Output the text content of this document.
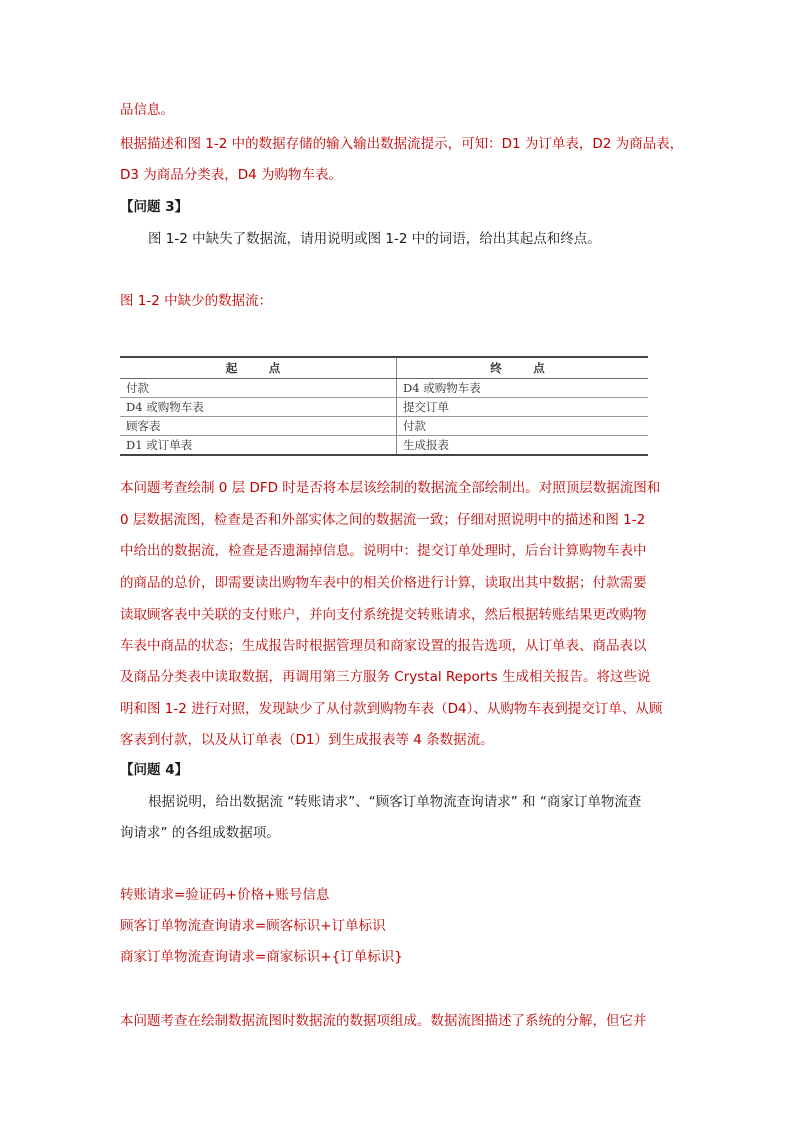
品信息。
根据描述和图 1-2 中的数据存储的输入输出数据流提示，可知：D1 为订单表，D2 为商品表，
D3 为商品分类表，D4 为购物车表。
【问题 3】
图 1-2 中缺失了数据流，请用说明或图 1-2 中的词语，给出其起点和终点。
图 1-2 中缺少的数据流：
起　点	终　点
付款	D4 或购物车表
D4 或购物车表	提交订单
顾客表	付款
D1 或订单表	生成报表
本问题考查绘制 0 层 DFD 时是否将本层该绘制的数据流全部绘制出。对照顶层数据流图和
0 层数据流图，检查是否和外部实体之间的数据流一致；仔细对照说明中的描述和图 1-2
中给出的数据流，检查是否遗漏掉信息。说明中：提交订单处理时，后台计算购物车表中
的商品的总价，即需要读出购物车表中的相关价格进行计算，读取出其中数据；付款需要
读取顾客表中关联的支付账户，并向支付系统提交转账请求，然后根据转账结果更改购物
车表中商品的状态；生成报告时根据管理员和商家设置的报告选项，从订单表、商品表以
及商品分类表中读取数据，再调用第三方服务 Crystal Reports 生成相关报告。将这些说
明和图 1-2 进行对照，发现缺少了从付款到购物车表（D4）、从购物车表到提交订单、从顾
客表到付款，以及从订单表（D1）到生成报表等 4 条数据流。
【问题 4】
根据说明，给出数据流 “转账请求”、“顾客订单物流查询请求” 和 “商家订单物流查
询请求” 的各组成数据项。
转账请求=验证码+价格+账号信息
顾客订单物流查询请求=顾客标识+订单标识
商家订单物流查询请求=商家标识+{订单标识}
本问题考查在绘制数据流图时数据流的数据项组成。数据流图描述了系统的分解，但它并
